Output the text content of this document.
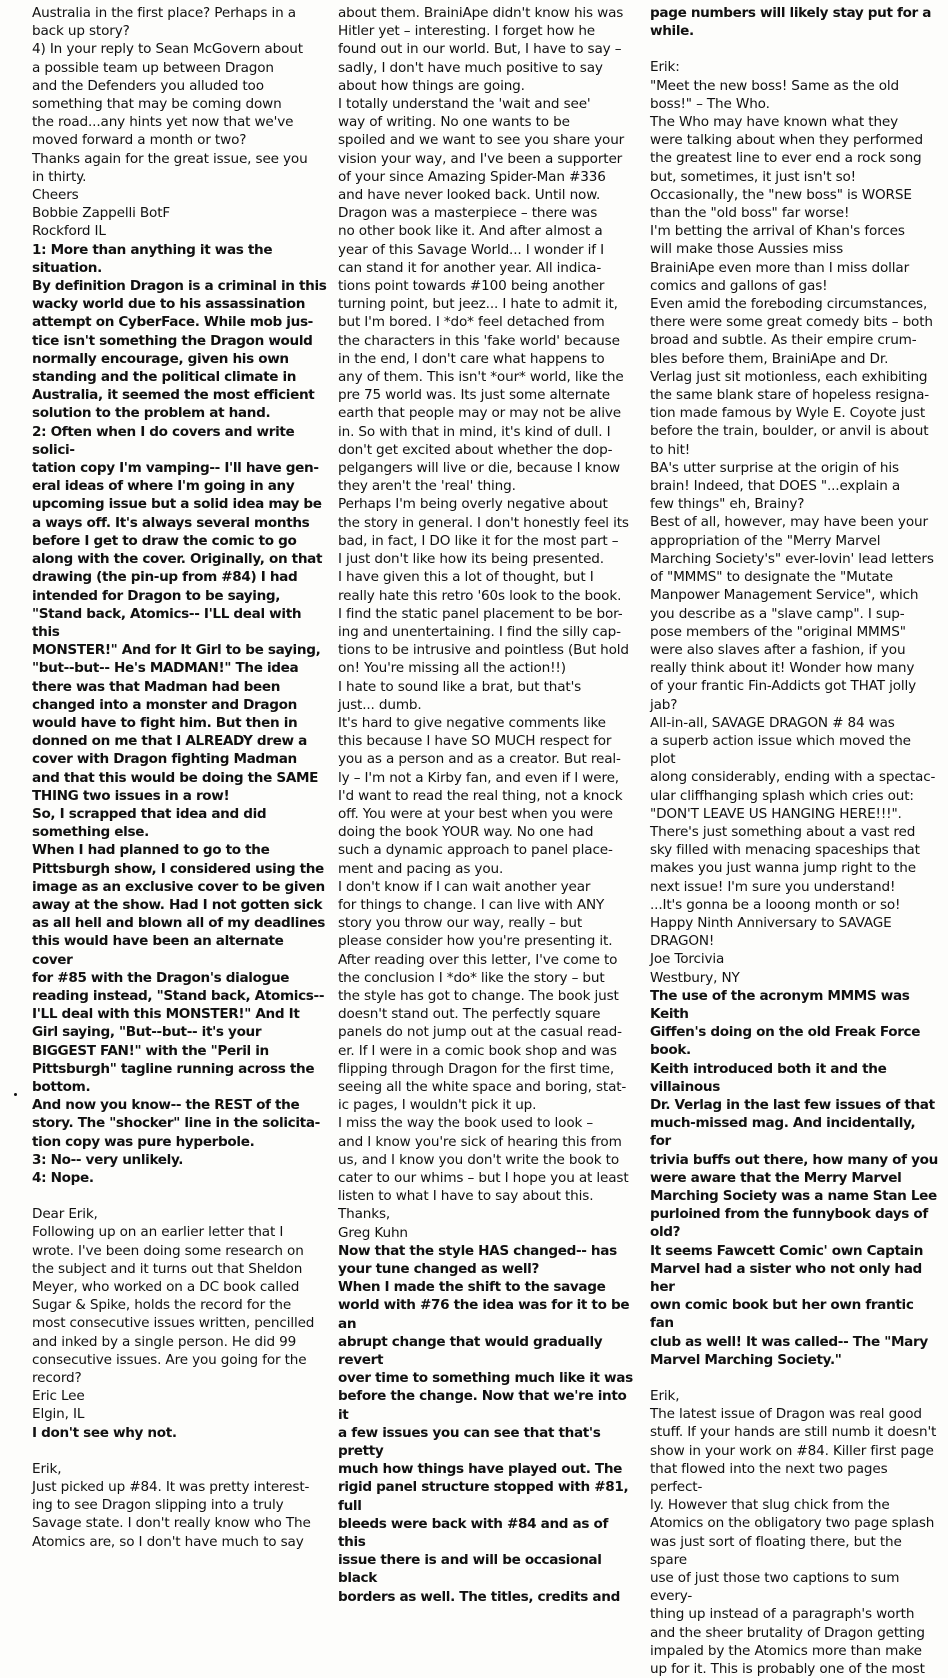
Australia in the first place? Perhaps in a
back up story?
4) In your reply to Sean McGovern about
a possible team up between Dragon
and the Defenders you alluded too
something that may be coming down
the road...any hints yet now that we've
moved forward a month or two?
Thanks again for the great issue, see you
in thirty.
Cheers
Bobbie Zappelli BotF
Rockford IL

1: More than anything it was the situation.
By definition Dragon is a criminal in this
wacky world due to his assassination
attempt on CyberFace. While mob jus-
tice isn't something the Dragon would
normally encourage, given his own
standing and the political climate in
Australia, it seemed the most efficient
solution to the problem at hand.
2: Often when I do covers and write solici-
tation copy I'm vamping-- I'll have gen-
eral ideas of where I'm going in any
upcoming issue but a solid idea may be
a ways off. It's always several months
before I get to draw the comic to go
along with the cover. Originally, on that
drawing (the pin-up from #84) I had
intended for Dragon to be saying,
"Stand back, Atomics-- I'LL deal with this
MONSTER!" And for It Girl to be saying,
"but--but-- He's MADMAN!" The idea
there was that Madman had been
changed into a monster and Dragon
would have to fight him. But then in
donned on me that I ALREADY drew a
cover with Dragon fighting Madman
and that this would be doing the SAME
THING two issues in a row!
So, I scrapped that idea and did
something else.
When I had planned to go to the
Pittsburgh show, I considered using the
image as an exclusive cover to be given
away at the show. Had I not gotten sick
as all hell and blown all of my deadlines
this would have been an alternate cover
for #85 with the Dragon's dialogue
reading instead, "Stand back, Atomics--
I'LL deal with this MONSTER!" And It
Girl saying, "But--but-- it's your
BIGGEST FAN!" with the "Peril in
Pittsburgh" tagline running across the
bottom.
And now you know-- the REST of the
story. The "shocker" line in the solicita-
tion copy was pure hyperbole.
3: No-- very unlikely.
4: Nope.

Dear Erik,
Following up on an earlier letter that I
wrote. I've been doing some research on
the subject and it turns out that Sheldon
Meyer, who worked on a DC book called
Sugar & Spike, holds the record for the
most consecutive issues written, pencilled
and inked by a single person. He did 99
consecutive issues. Are you going for the
record?
Eric Lee
Elgin, IL

I don't see why not.

Erik,
Just picked up #84. It was pretty interest-
ing to see Dragon slipping into a truly
Savage state. I don't really know who The
Atomics are, so I don't have much to say

about them. BrainiApe didn't know his was
Hitler yet – interesting. I forget how he
found out in our world. But, I have to say –
sadly, I don't have much positive to say
about how things are going.
I totally understand the 'wait and see'
way of writing. No one wants to be
spoiled and we want to see you share your
vision your way, and I've been a supporter
of your since Amazing Spider-Man #336
and have never looked back. Until now.
Dragon was a masterpiece – there was
no other book like it. And after almost a
year of this Savage World... I wonder if I
can stand it for another year. All indica-
tions point towards #100 being another
turning point, but jeez... I hate to admit it,
but I'm bored. I *do* feel detached from
the characters in this 'fake world' because
in the end, I don't care what happens to
any of them. This isn't *our* world, like the
pre 75 world was. Its just some alternate
earth that people may or may not be alive
in. So with that in mind, it's kind of dull. I
don't get excited about whether the dop-
pelgangers will live or die, because I know
they aren't the 'real' thing.
Perhaps I'm being overly negative about
the story in general. I don't honestly feel its
bad, in fact, I DO like it for the most part –
I just don't like how its being presented.
I have given this a lot of thought, but I
really hate this retro '60s look to the book.
I find the static panel placement to be bor-
ing and unentertaining. I find the silly cap-
tions to be intrusive and pointless (But hold
on! You're missing all the action!!)
I hate to sound like a brat, but that's
just... dumb.
It's hard to give negative comments like
this because I have SO MUCH respect for
you as a person and as a creator. But real-
ly – I'm not a Kirby fan, and even if I were,
I'd want to read the real thing, not a knock
off. You were at your best when you were
doing the book YOUR way. No one had
such a dynamic approach to panel place-
ment and pacing as you.
I don't know if I can wait another year
for things to change. I can live with ANY
story you throw our way, really – but
please consider how you're presenting it.
After reading over this letter, I've come to
the conclusion I *do* like the story – but
the style has got to change. The book just
doesn't stand out. The perfectly square
panels do not jump out at the casual read-
er. If I were in a comic book shop and was
flipping through Dragon for the first time,
seeing all the white space and boring, stat-
ic pages, I wouldn't pick it up.
I miss the way the book used to look –
and I know you're sick of hearing this from
us, and I know you don't write the book to
cater to our whims – but I hope you at least
listen to what I have to say about this.
Thanks,
Greg Kuhn

Now that the style HAS changed-- has
your tune changed as well?
When I made the shift to the savage
world with #76 the idea was for it to be an
abrupt change that would gradually revert
over time to something much like it was
before the change. Now that we're into it
a few issues you can see that that's pretty
much how things have played out. The
rigid panel structure stopped with #81, full
bleeds were back with #84 and as of this
issue there is and will be occasional black
borders as well. The titles, credits and

page numbers will likely stay put for a
while.

Erik:
"Meet the new boss! Same as the old
boss!" – The Who.
The Who may have known what they
were talking about when they performed
the greatest line to ever end a rock song
but, sometimes, it just isn't so!
Occasionally, the "new boss" is WORSE
than the "old boss" far worse!
I'm betting the arrival of Khan's forces
will make those Aussies miss
BrainiApe even more than I miss dollar
comics and gallons of gas!
Even amid the foreboding circumstances,
there were some great comedy bits – both
broad and subtle. As their empire crum-
bles before them, BrainiApe and Dr.
Verlag just sit motionless, each exhibiting
the same blank stare of hopeless resigna-
tion made famous by Wyle E. Coyote just
before the train, boulder, or anvil is about
to hit!
BA's utter surprise at the origin of his
brain! Indeed, that DOES "...explain a
few things" eh, Brainy?
Best of all, however, may have been your
appropriation of the "Merry Marvel
Marching Society's" ever-lovin' lead letters
of "MMMS" to designate the "Mutate
Manpower Management Service", which
you describe as a "slave camp". I sup-
pose members of the "original MMMS"
were also slaves after a fashion, if you
really think about it! Wonder how many
of your frantic Fin-Addicts got THAT jolly
jab?
All-in-all, SAVAGE DRAGON # 84 was
a superb action issue which moved the plot
along considerably, ending with a spectac-
ular cliffhanging splash which cries out:
"DON'T LEAVE US HANGING HERE!!!".
There's just something about a vast red
sky filled with menacing spaceships that
makes you just wanna jump right to the
next issue! I'm sure you understand!
...It's gonna be a looong month or so!
Happy Ninth Anniversary to SAVAGE
DRAGON!
Joe Torcivia
Westbury, NY

The use of the acronym MMMS was Keith
Giffen's doing on the old Freak Force book.
Keith introduced both it and the villainous
Dr. Verlag in the last few issues of that
much-missed mag. And incidentally, for
trivia buffs out there, how many of you
were aware that the Merry Marvel
Marching Society was a name Stan Lee
purloined from the funnybook days of old?
It seems Fawcett Comic' own Captain
Marvel had a sister who not only had her
own comic book but her own frantic fan
club as well! It was called-- The "Mary
Marvel Marching Society."

Erik,
The latest issue of Dragon was real good
stuff. If your hands are still numb it doesn't
show in your work on #84. Killer first page
that flowed into the next two pages perfect-
ly. However that slug chick from the
Atomics on the obligatory two page splash
was just sort of floating there, but the spare
use of just those two captions to sum every-
thing up instead of a paragraph's worth
and the sheer brutality of Dragon getting
impaled by the Atomics more than make
up for it. This is probably one of the most
